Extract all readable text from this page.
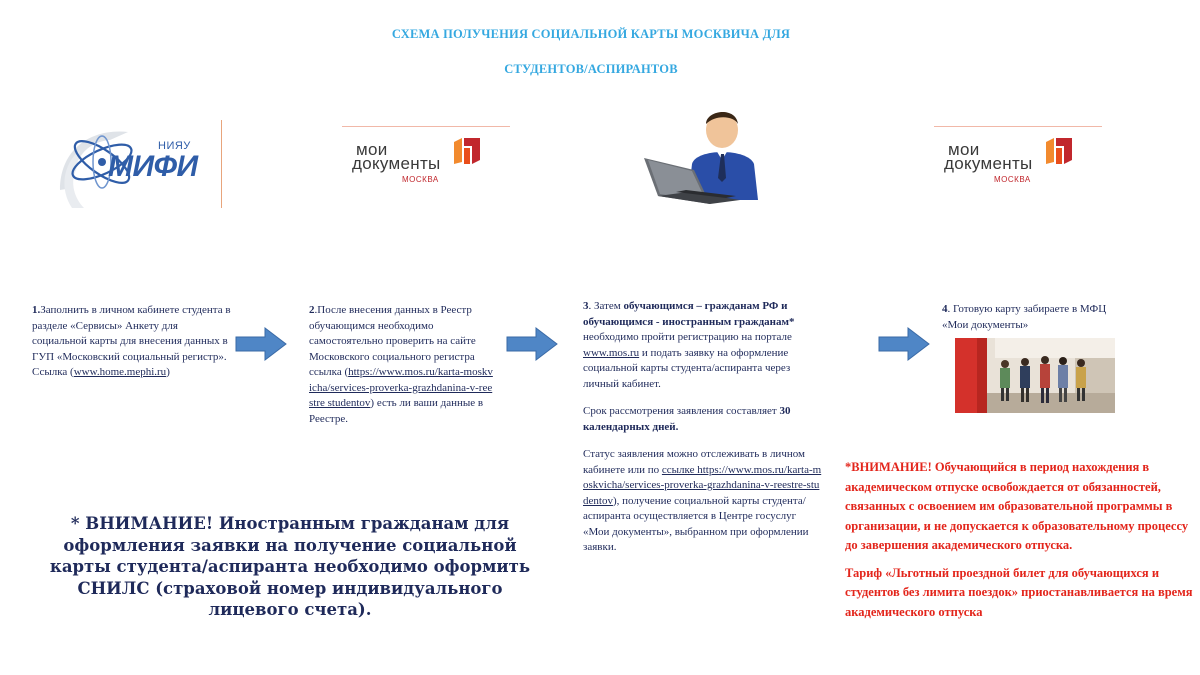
СХЕМА ПОЛУЧЕНИЯ СОЦИАЛЬНОЙ КАРТЫ МОСКВИЧА ДЛЯ
СТУДЕНТОВ/АСПИРАНТОВ
НИЯУ
МИФИ
мои
документы
МОСКВА
мои
документы
МОСКВА
1.Заполнить в личном кабинете студента в разделе «Сервисы» Анкету для социальной карты для внесения данных в ГУП «Московский социальный регистр». Ссылка (www.home.mephi.ru)
2.После внесения данных в Реестр обучающимся необходимо самостоятельно проверить на сайте Московского социального регистра ссылка (https://www.mos.ru/karta-moskvicha/services-proverka-grazhdanina-v-reestre studentov) есть ли ваши данные в Реестре.

3. Затем обучающимся – гражданам РФ и обучающимся - иностранным гражданам* необходимо пройти регистрацию на портале www.mos.ru и подать заявку на оформление социальной карты студента/аспиранта через личный кабинет.

Срок рассмотрения заявления составляет 30 календарных дней.

Статус заявления можно отслеживать в личном кабинете или по ссылке https://www.mos.ru/karta-moskvicha/services-proverka-grazhdanina-v-reestre-studentov), получение социальной карты студента/аспиранта осуществляется в Центре госуслуг «Мои документы», выбранном при оформлении заявки.

4. Готовую карту забираете в МФЦ «Мои документы»
* ВНИМАНИЕ! Иностранным гражданам для оформления заявки на получение социальной карты студента/аспиранта необходимо оформить СНИЛС (страховой номер индивидуального лицевого счета).

*ВНИМАНИЕ! Обучающийся в период нахождения в академическом отпуске освобождается от обязанностей, связанных с освоением им образовательной программы в организации, и не допускается к образовательному процессу до завершения академического отпуска.

Тариф «Льготный проездной билет для обучающихся и студентов без лимита поездок» приостанавливается на время академического отпуска
